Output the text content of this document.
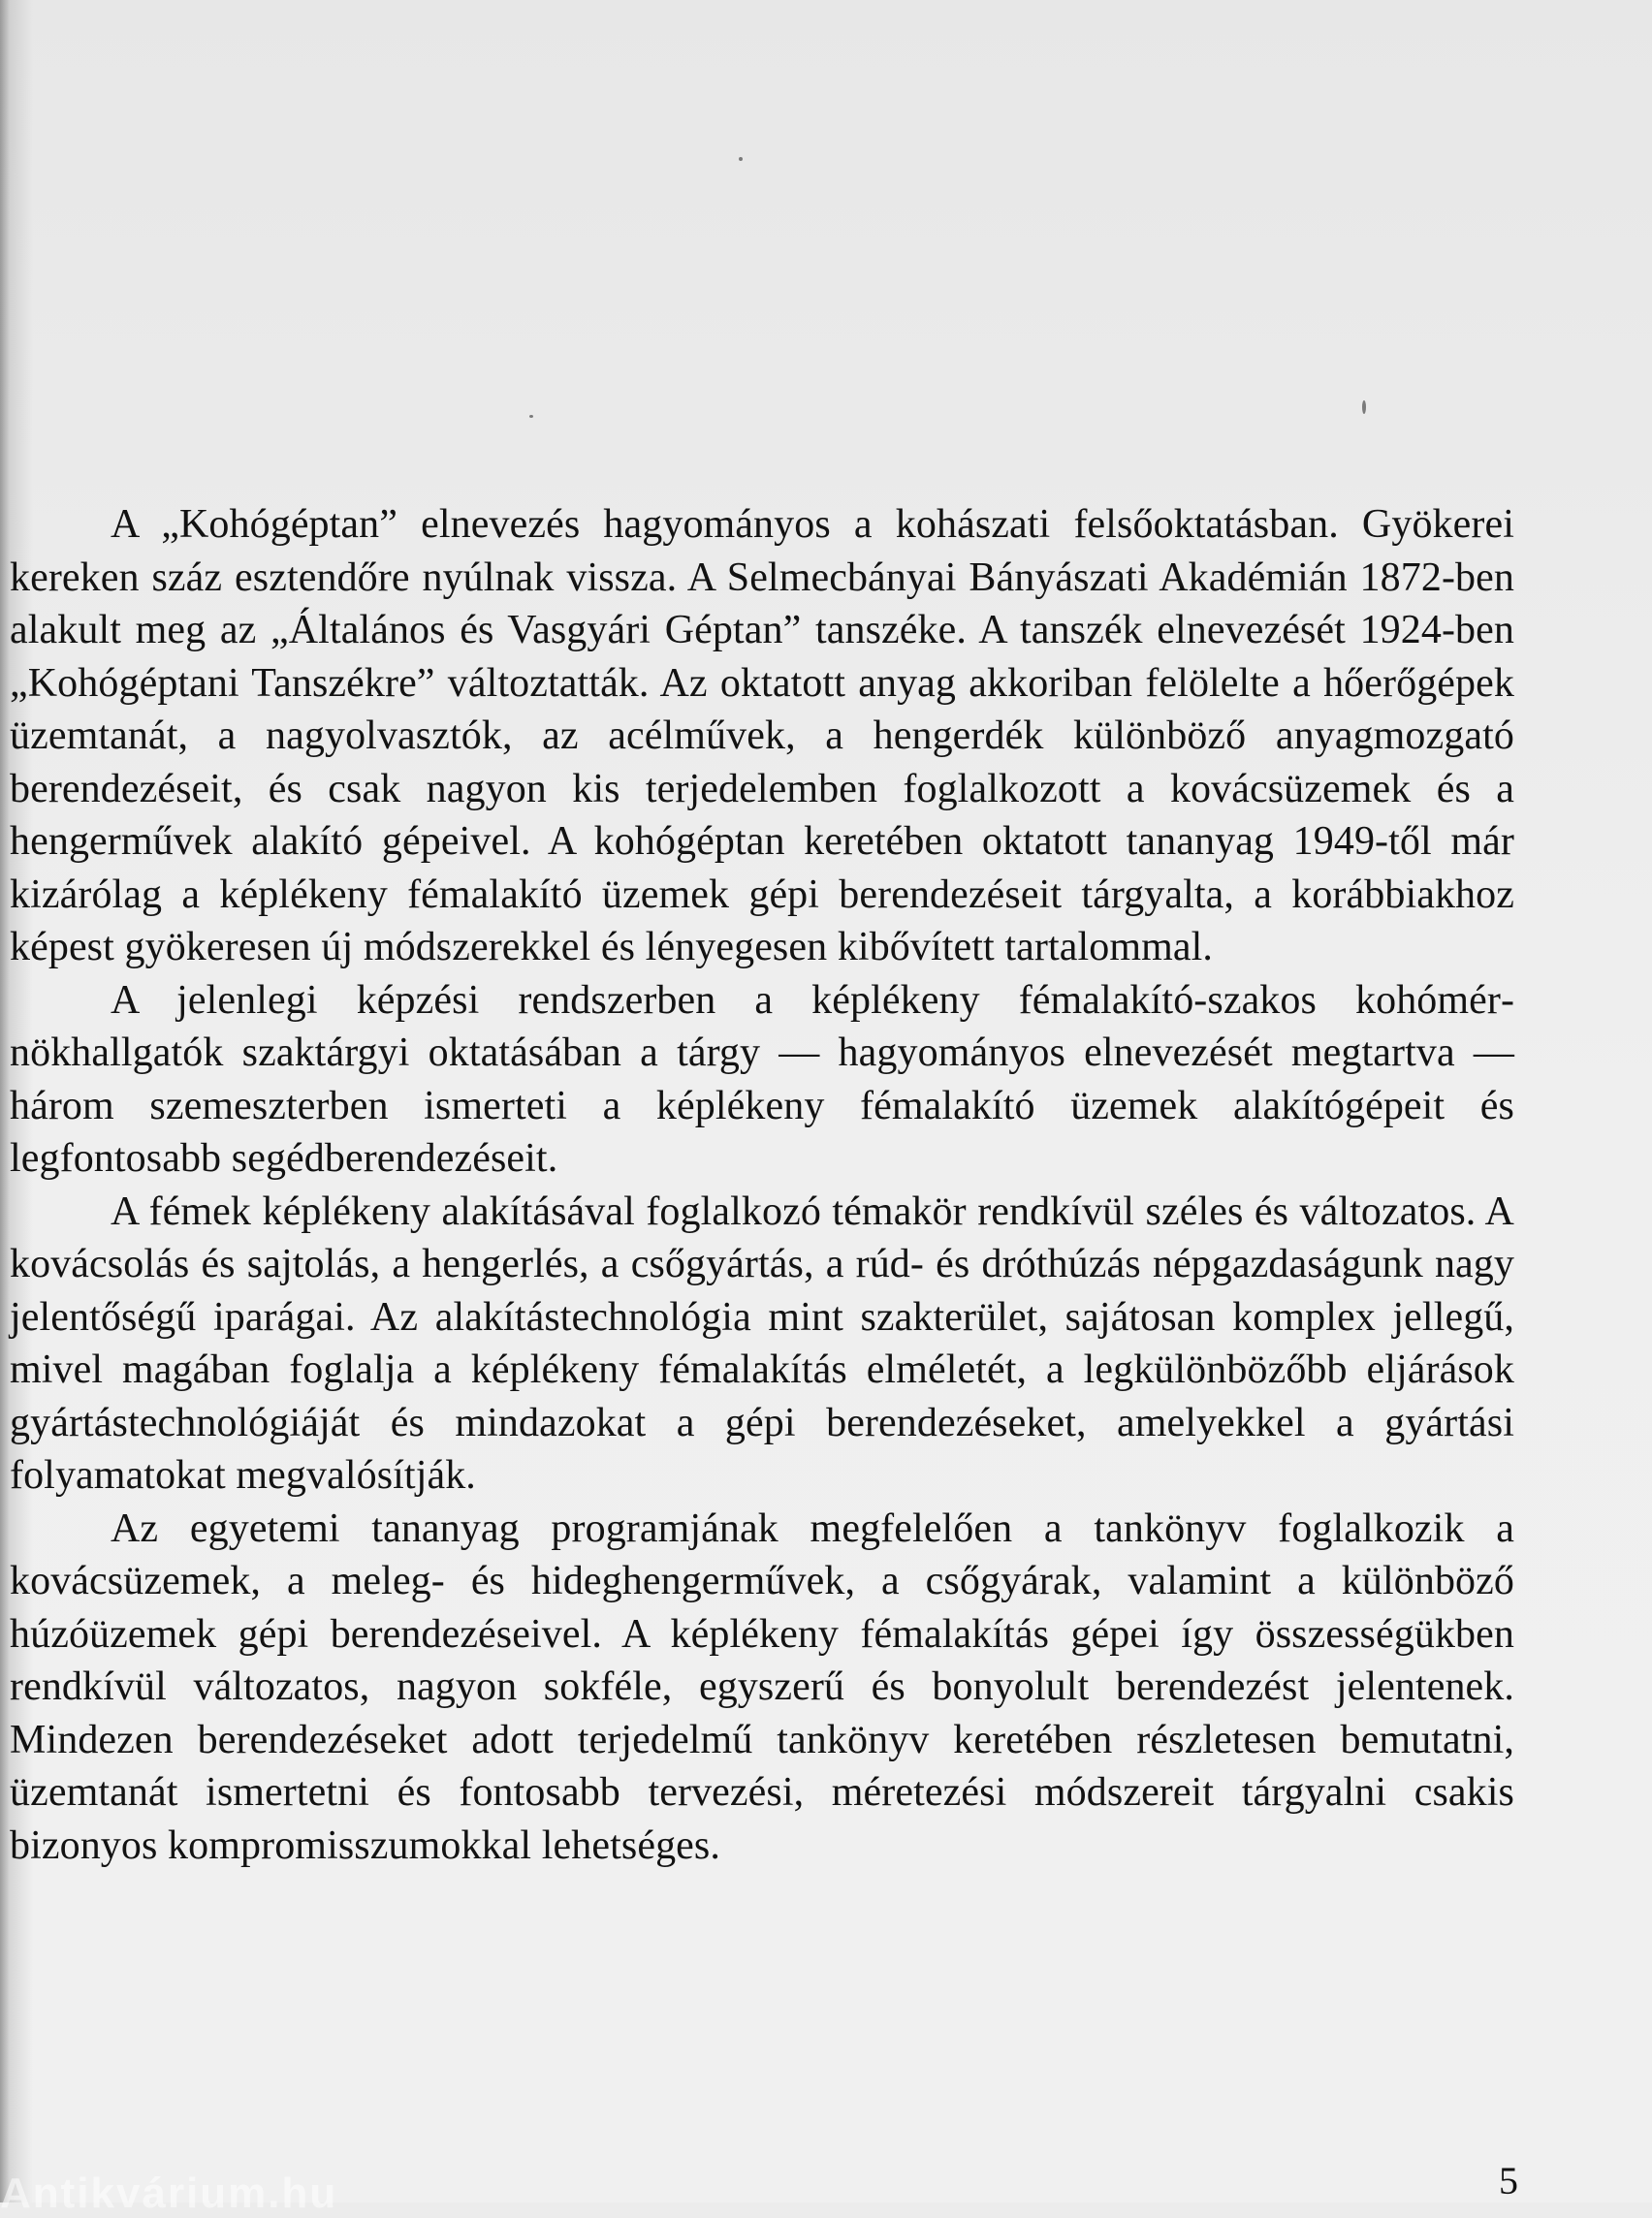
A „Kohógéptan” elnevezés hagyományos a kohászati felsőoktatásban. Gyökerei kereken száz esztendőre nyúlnak vissza. A Selmecbányai Bányászati Akadémián 1872-ben alakult meg az „Általános és Vasgyári Géptan” tanszéke. A tanszék elnevezését 1924-ben „Kohógéptani Tanszékre” változtatták. Az oktatott anyag akkoriban felölelte a hőerőgépek üzemtanát, a nagyolvasztók, az acélművek, a hengerdék különböző anyagmozgató berendezéseit, és csak nagyon kis terjedelemben foglalkozott a kovácsüzemek és a hengerművek alakító gépeivel. A kohógéptan keretében oktatott tananyag 1949-től már kizárólag a képlékeny fémalakító üzemek gépi berendezéseit tárgyalta, a korábbiakhoz képest gyökeresen új módszerekkel és lényegesen kibővített tartalommal.

A jelenlegi képzési rendszerben a képlékeny fémalakító-szakos kohómérnökhallgatók szaktárgyi oktatásában a tárgy — hagyományos elnevezését megtartva — három szemeszterben ismerteti a képlékeny fémalakító üzemek alakítógépeit és legfontosabb segédberendezéseit.

A fémek képlékeny alakításával foglalkozó témakör rendkívül széles és változatos. A kovácsolás és sajtolás, a hengerlés, a csőgyártás, a rúd- és dróthúzás népgazdaságunk nagy jelentőségű iparágai. Az alakítástechnológia mint szakterület, sajátosan komplex jellegű, mivel magában foglalja a képlékeny fémalakítás elméletét, a legkülönbözőbb eljárások gyártástechnológiáját és mindazokat a gépi berendezéseket, amelyekkel a gyártási folyamatokat megvalósítják.

Az egyetemi tananyag programjának megfelelően a tankönyv foglalkozik a kovácsüzemek, a meleg- és hideghengerművek, a csőgyárak, valamint a különböző húzóüzemek gépi berendezéseivel. A képlékeny fémalakítás gépei így összességükben rendkívül változatos, nagyon sokféle, egyszerű és bonyolult berendezést jelentenek. Mindezen berendezéseket adott terjedelmű tankönyv keretében részletesen bemutatni, üzemtanát ismertetni és fontosabb tervezési, méretezési módszereit tárgyalni csakis bizonyos kompromisszumokkal lehetséges.

Antikvárium.hu	5
